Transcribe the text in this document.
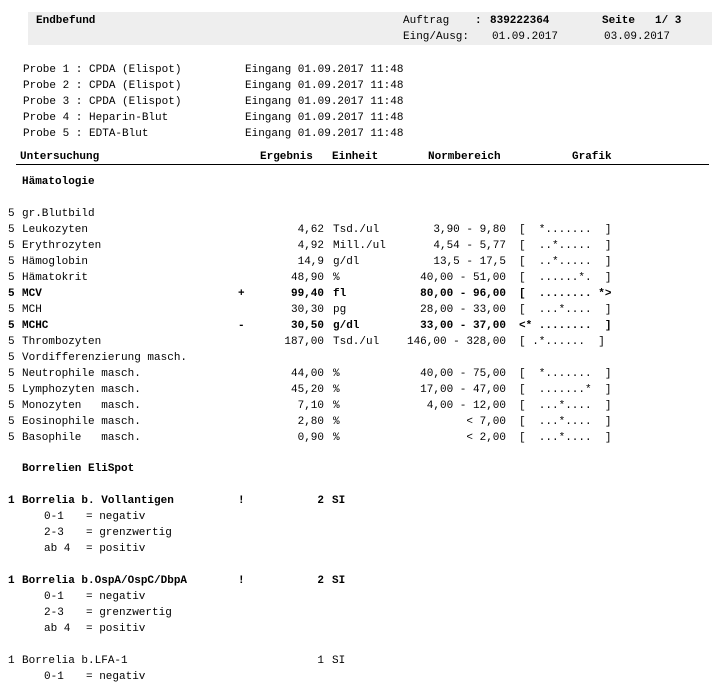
Endbefund	Auftrag : 839222364	Seite 1/ 3
Eing/Ausg: 01.09.2017	03.09.2017
Probe 1 : CPDA (Elispot)	Eingang 01.09.2017 11:48
Probe 2 : CPDA (Elispot)	Eingang 01.09.2017 11:48
Probe 3 : CPDA (Elispot)	Eingang 01.09.2017 11:48
Probe 4 : Heparin-Blut	Eingang 01.09.2017 11:48
Probe 5 : EDTA-Blut	Eingang 01.09.2017 11:48
Untersuchung	Ergebnis Einheit	Normbereich	Grafik
Hämatologie
Borrelien EliSpot
5 gr.Blutbild
5 Leukozyten	4,62 Tsd./ul	3,90 - 9,80 [  *.......  ]
5 Erythrozyten	4,92 Mill./ul	4,54 - 5,77 [  ..*.....  ]
5 Hämoglobin	14,9 g/dl	13,5 - 17,5 [  ..*.....  ]
5 Hämatokrit	48,90 %	40,00 - 51,00 [  ......*.  ]
5 MCV	+	99,40 fl	80,00 - 96,00 [  ........ *>
5 MCH	30,30 pg	28,00 - 33,00 [  ...*....  ]
5 MCHC	-	30,50 g/dl	33,00 - 37,00 <* ........  ]
5 Thrombozyten	187,00 Tsd./ul	146,00 - 328,00 [ .*......  ]
5 Vordifferenzierung masch.
5 Neutrophile masch.	44,00 %	40,00 - 75,00 [  *.......  ]
5 Lymphozyten masch.	45,20 %	17,00 - 47,00 [  .......*  ]
5 Monozyten   masch.	7,10 %	4,00 - 12,00 [  ...*....  ]
5 Eosinophile masch.	2,80 %	< 7,00 [  ...*....  ]
5 Basophile   masch.	0,90 %	< 2,00 [  ...*....  ]
1 Borrelia b. Vollantigen	!	2 SI
0-1 = negativ
2-3 = grenzwertig
ab 4 = positiv
1 Borrelia b.OspA/OspC/DbpA	!	2 SI
0-1 = negativ
2-3 = grenzwertig
ab 4 = positiv
1 Borrelia b.LFA-1	1 SI
0-1 = negativ
